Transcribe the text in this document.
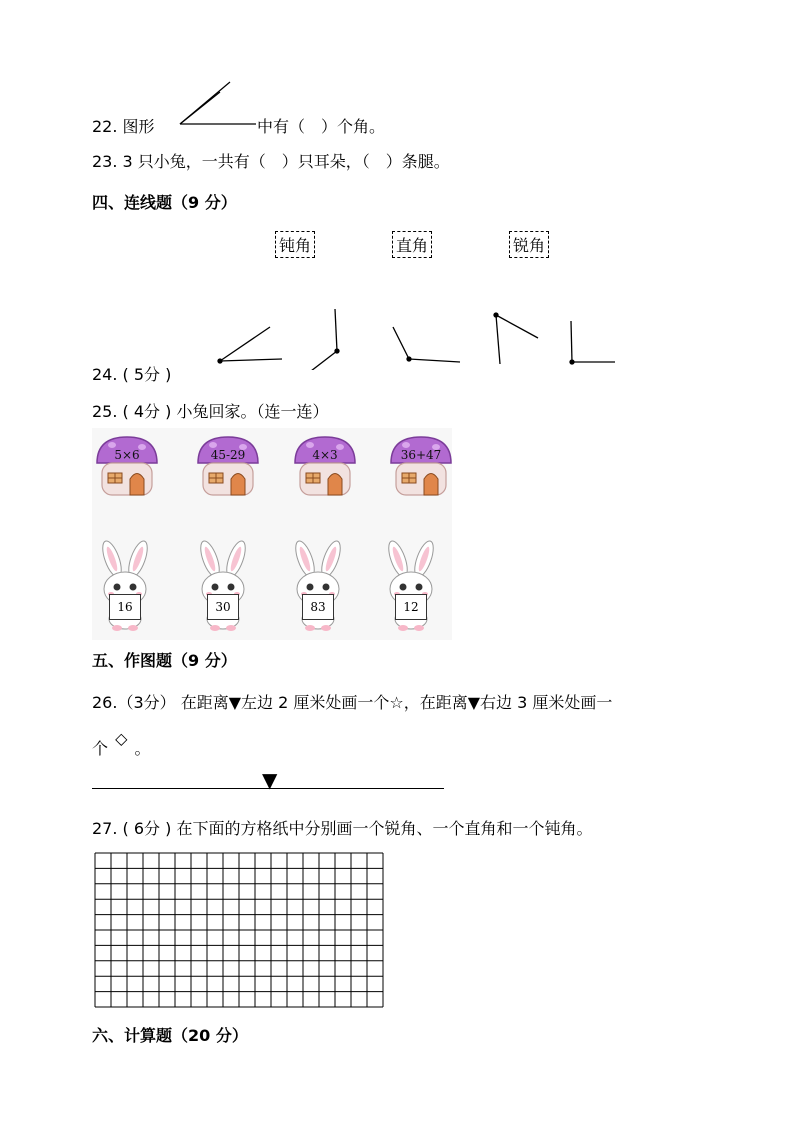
22. 图形	中有（　）个角。
23. 3 只小兔，一共有（　）只耳朵，（　）条腿。
四、连线题（9 分）
钝角	直角	锐角
24. ( 5分 )
25. ( 4分 ) 小兔回家。（连一连）
5×6	45-29	4×3	36+47
16	30	83	12
五、作图题（9 分）
26.（3分） 在距离▼左边 2 厘米处画一个☆，在距离▼右边 3 厘米处画一
个 ◇ 。
▼
27. ( 6分 ) 在下面的方格纸中分别画一个锐角、一个直角和一个钝角。
六、计算题（20 分）
